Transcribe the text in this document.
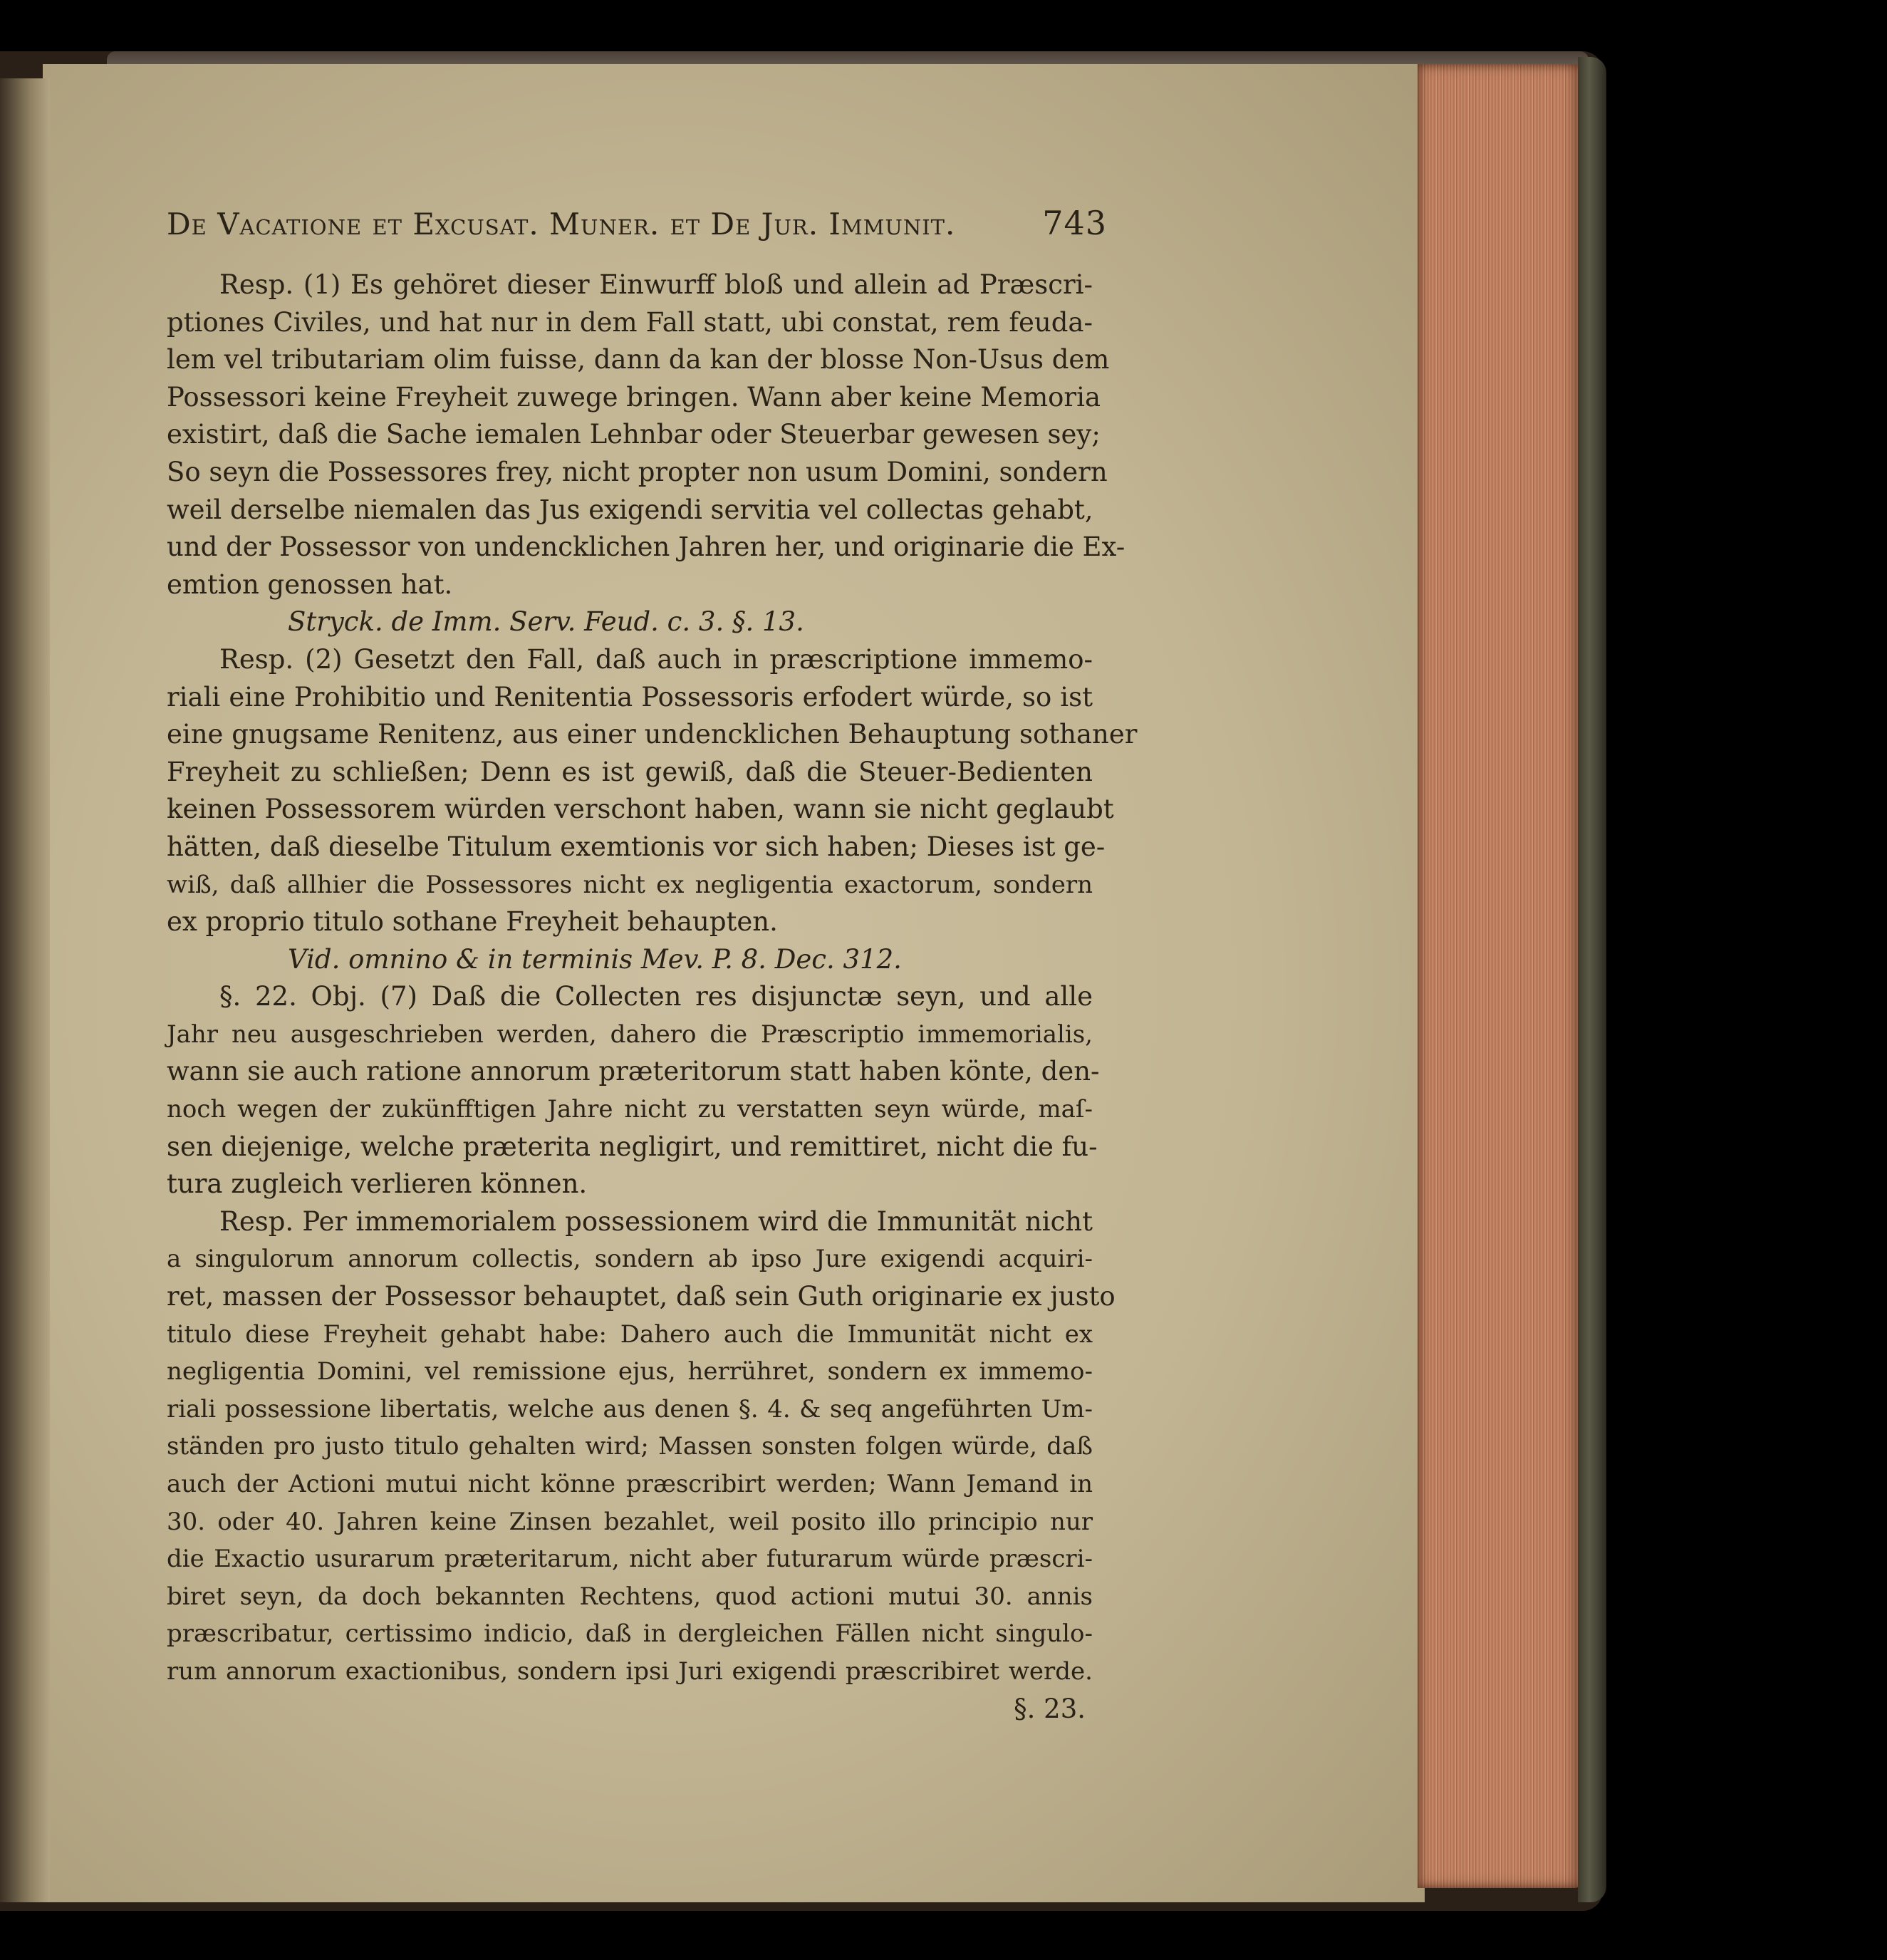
De Vacatione et Excusat. Muner. et De Jur. Immunit.	743
Resp. (1) Es gehöret dieser Einwurff bloß und allein ad Præscri-
ptiones Civiles, und hat nur in dem Fall statt, ubi constat, rem feuda-
lem vel tributariam olim fuisse, dann da kan der blosse Non-Usus dem
Possessori keine Freyheit zuwege bringen. Wann aber keine Memoria
existirt, daß die Sache iemalen Lehnbar oder Steuerbar gewesen sey;
So seyn die Possessores frey, nicht propter non usum Domini, sondern
weil derselbe niemalen das Jus exigendi servitia vel collectas gehabt,
und der Possessor von undencklichen Jahren her, und originarie die Ex-
emtion genossen hat.
Stryck. de Imm. Serv. Feud. c. 3. §. 13.
Resp. (2) Gesetzt den Fall, daß auch in præscriptione immemo-
riali eine Prohibitio und Renitentia Possessoris erfodert würde, so ist
eine gnugsame Renitenz, aus einer undencklichen Behauptung sothaner
Freyheit zu schließen; Denn es ist gewiß, daß die Steuer-Bedienten
keinen Possessorem würden verschont haben, wann sie nicht geglaubt
hätten, daß dieselbe Titulum exemtionis vor sich haben; Dieses ist ge-
wiß, daß allhier die Possessores nicht ex negligentia exactorum, sondern
ex proprio titulo sothane Freyheit behaupten.
Vid. omnino & in terminis Mev. P. 8. Dec. 312.
§. 22. Obj. (7) Daß die Collecten res disjunctæ seyn, und alle
Jahr neu ausgeschrieben werden, dahero die Præscriptio immemorialis,
wann sie auch ratione annorum præteritorum statt haben könte, den-
noch wegen der zukünfftigen Jahre nicht zu verstatten seyn würde, maſ-
sen diejenige, welche præterita negligirt, und remittiret, nicht die fu-
tura zugleich verlieren können.
Resp. Per immemorialem possessionem wird die Immunität nicht
a singulorum annorum collectis, sondern ab ipso Jure exigendi acquiri-
ret, massen der Possessor behauptet, daß sein Guth originarie ex justo
titulo diese Freyheit gehabt habe: Dahero auch die Immunität nicht ex
negligentia Domini, vel remissione ejus, herrühret, sondern ex immemo-
riali possessione libertatis, welche aus denen §. 4. & seq angeführten Um-
ständen pro justo titulo gehalten wird; Massen sonsten folgen würde, daß
auch der Actioni mutui nicht könne præscribirt werden; Wann Jemand in
30. oder 40. Jahren keine Zinsen bezahlet, weil posito illo principio nur
die Exactio usurarum præteritarum, nicht aber futurarum würde præscri-
biret seyn, da doch bekannten Rechtens, quod actioni mutui 30. annis
præscribatur, certissimo indicio, daß in dergleichen Fällen nicht singulo-
rum annorum exactionibus, sondern ipsi Juri exigendi præscribiret werde.
§. 23.
